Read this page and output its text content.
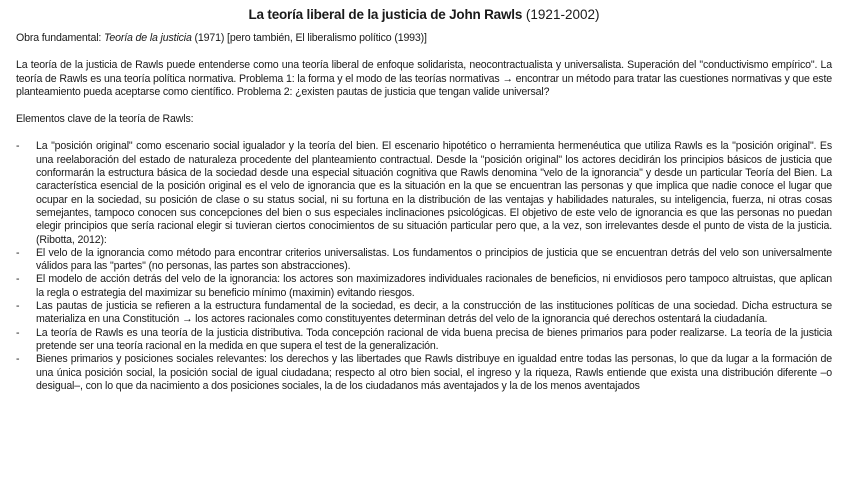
La teoría liberal de la justicia de John Rawls (1921-2002)

Obra fundamental: Teoría de la justicia (1971) [pero también, El liberalismo político (1993)]

La teoría de la justicia de Rawls puede entenderse como una teoría liberal de enfoque solidarista, neocontractualista y universalista. Superación del "conductivismo empírico". La teoría de Rawls es una teoría política normativa. Problema 1: la forma y el modo de las teorías normativas → encontrar un método para tratar las cuestiones normativas y que este planteamiento pueda aceptarse como científico. Problema 2: ¿existen pautas de justicia que tengan valide universal?

Elementos clave de la teoría de Rawls:

- La "posición original" como escenario social igualador y la teoría del bien. El escenario hipotético o herramienta hermenéutica que utiliza Rawls es la "posición original". Es una reelaboración del estado de naturaleza procedente del planteamiento contractual. Desde la "posición original" los actores decidirán los principios básicos de justicia que conformarán la estructura básica de la sociedad desde una especial situación cognitiva que Rawls denomina "velo de la ignorancia" y desde un particular Teoría del Bien. La característica esencial de la posición original es el velo de ignorancia que es la situación en la que se encuentran las personas y que implica que nadie conoce el lugar que ocupar en la sociedad, su posición de clase o su status social, ni su fortuna en la distribución de las ventajas y habilidades naturales, su inteligencia, fuerza, ni otras cosas semejantes, tampoco conocen sus concepciones del bien o sus especiales inclinaciones psicológicas. El objetivo de este velo de ignorancia es que las personas no puedan elegir principios que sería racional elegir si tuvieran ciertos conocimientos de su situación particular pero que, a la vez, son irrelevantes desde el punto de vista de la justicia. (Ribotta, 2012):
- El velo de la ignorancia como método para encontrar criterios universalistas. Los fundamentos o principios de justicia que se encuentran detrás del velo son universalmente válidos para las "partes" (no personas, las partes son abstracciones).
- El modelo de acción detrás del velo de la ignorancia: los actores son maximizadores individuales racionales de beneficios, ni envidiosos pero tampoco altruistas, que aplican la regla o estrategia del maximizar su beneficio mínimo (maximin) evitando riesgos.
- Las pautas de justicia se refieren a la estructura fundamental de la sociedad, es decir, a la construcción de las instituciones políticas de una sociedad. Dicha estructura se materializa en una Constitución → los actores racionales como constituyentes determinan detrás del velo de la ignorancia qué derechos ostentará la ciudadanía.
- La teoría de Rawls es una teoría de la justicia distributiva. Toda concepción racional de vida buena precisa de bienes primarios para poder realizarse. La teoría de la justicia pretende ser una teoría racional en la medida en que supera el test de la generalización.
- Bienes primarios y posiciones sociales relevantes: los derechos y las libertades que Rawls distribuye en igualdad entre todas las personas, lo que da lugar a la formación de una única posición social, la posición social de igual ciudadana; respecto al otro bien social, el ingreso y la riqueza, Rawls entiende que exista una distribución diferente –o desigual–, con lo que da nacimiento a dos posiciones sociales, la de los ciudadanos más aventajados y la de los menos aventajados
